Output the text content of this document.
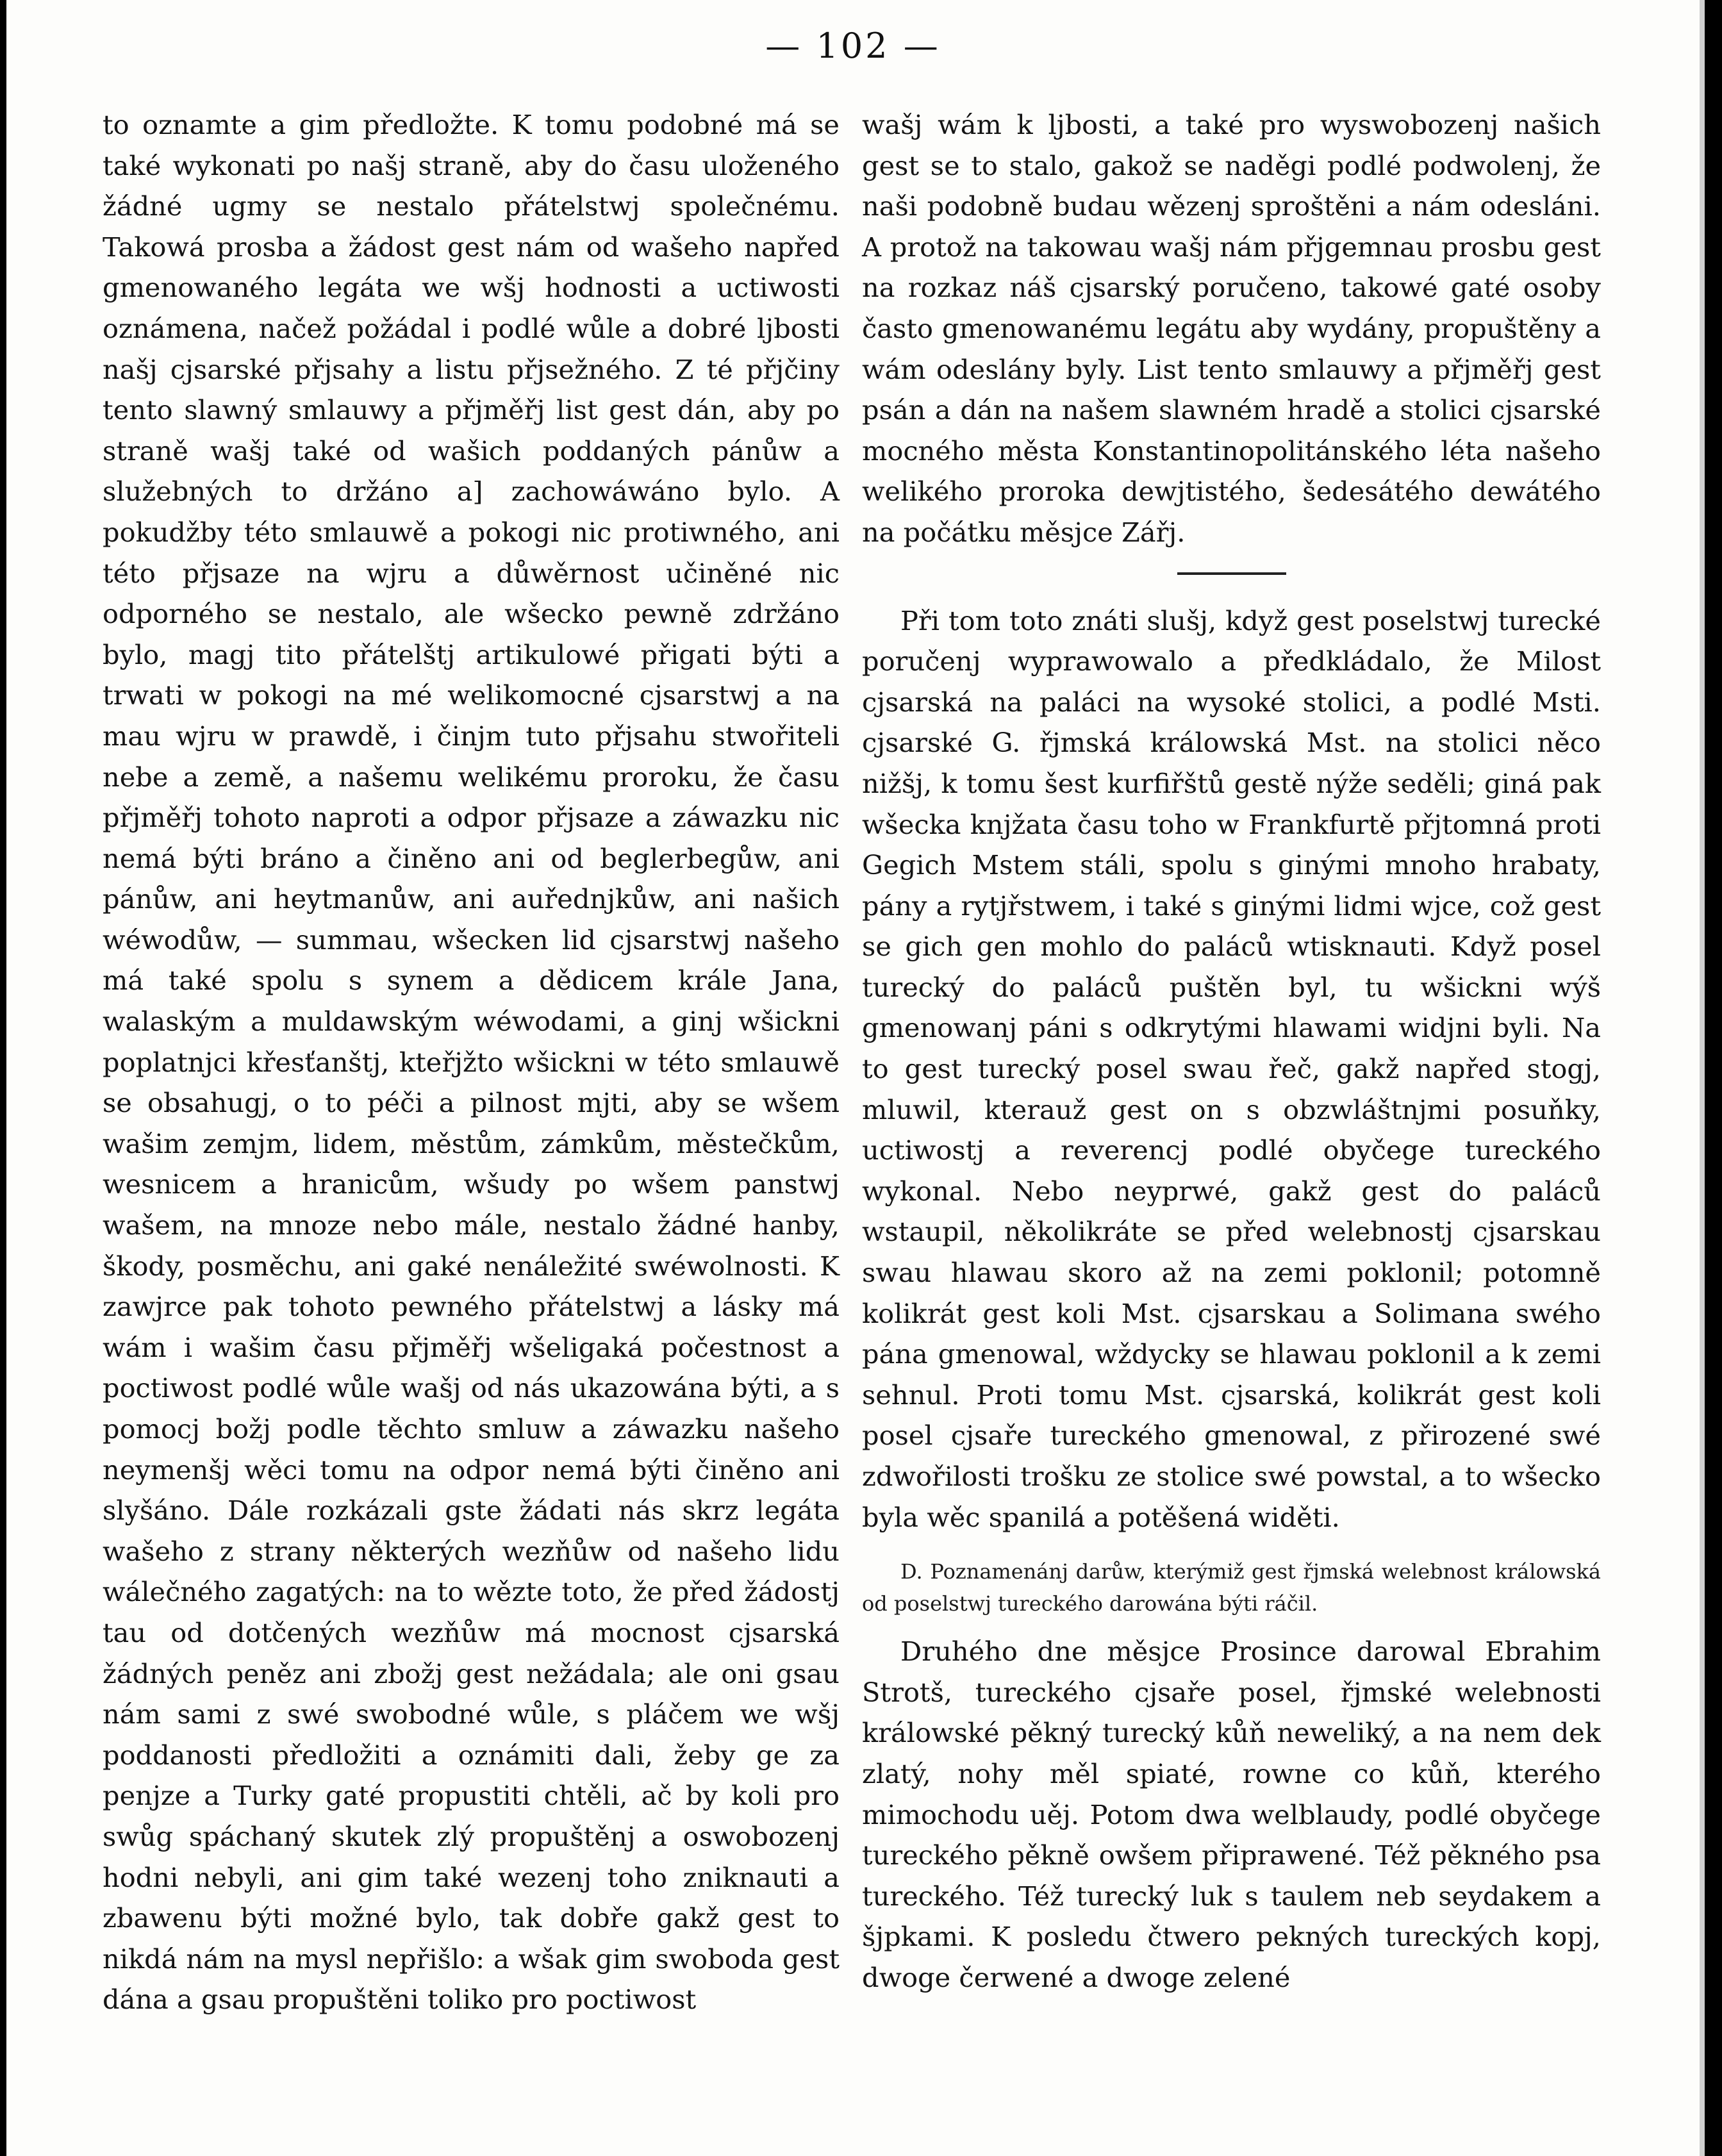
— 102 —

to oznamte a gim předložte. K tomu podobné má se také wykonati po našj straně, aby do času uloženého žádné ugmy se nestalo přátelstwj společnému. Takowá prosba a žádost gest nám od wašeho napřed gmenowaného legáta we wšj hodnosti a uctiwosti oznámena, načež požádal i podlé wůle a dobré ljbosti našj cjsarské přjsahy a listu přjsežného. Z té přjčiny tento slawný smlauwy a přjměřj list gest dán, aby po straně wašj také od wašich poddaných pánůw a služebných to držáno a] zachowáwáno bylo. A pokudžby této smlauwě a pokogi nic protiwného, ani této přjsaze na wjru a důwěrnost učiněné nic odporného se nestalo, ale wšecko pewně zdržáno bylo, magj tito přátelštj artikulowé přigati býti a trwati w pokogi na mé welikomocné cjsarstwj a na mau wjru w prawdě, i činjm tuto přjsahu stwořiteli nebe a země, a našemu welikému proroku, že času přjměřj tohoto naproti a odpor přjsaze a záwazku nic nemá býti bráno a činěno ani od beglerbegůw, ani pánůw, ani heytmanůw, ani auřednjkůw, ani našich wéwodůw, — summau, wšecken lid cjsarstwj našeho má také spolu s synem a dědicem krále Jana, walaským a muldawským wéwodami, a ginj wšickni poplatnjci křesťanštj, kteřjžto wšickni w této smlauwě se obsahugj, o to péči a pilnost mjti, aby se wšem wašim zemjm, lidem, městům, zámkům, městečkům, wesnicem a hranicům, wšudy po wšem panstwj wašem, na mnoze nebo mále, nestalo žádné hanby, škody, posměchu, ani gaké nenáležité swéwolnosti. K zawjrce pak tohoto pewného přátelstwj a lásky má wám i wašim času přjměřj wšeligaká počestnost a poctiwost podlé wůle wašj od nás ukazowána býti, a s pomocj božj podle těchto smluw a záwazku našeho neymenšj wěci tomu na odpor nemá býti činěno ani slyšáno. Dále rozkázali gste žádati nás skrz legáta wašeho z strany některých wezňůw od našeho lidu wálečného zagatých: na to wězte toto, že před žádostj tau od dotčených wezňůw má mocnost cjsarská žádných peněz ani zbožj gest nežádala; ale oni gsau nám sami z swé swobodné wůle, s pláčem we wšj poddanosti předložiti a oznámiti dali, žeby ge za penjze a Turky gaté propustiti chtěli, ač by koli pro swůg spáchaný skutek zlý propuštěnj a oswobozenj hodni nebyli, ani gim také wezenj toho zniknauti a zbawenu býti možné bylo, tak dobře gakž gest to nikdá nám na mysl nepřišlo: a wšak gim swoboda gest dána a gsau propuštěni toliko pro poctiwost

wašj wám k ljbosti, a také pro wyswobozenj našich gest se to stalo, gakož se naděgi podlé podwolenj, že naši podobně budau wězenj sproštěni a nám odesláni. A protož na takowau wašj nám přjgemnau prosbu gest na rozkaz náš cjsarský poručeno, takowé gaté osoby často gmenowanému legátu aby wydány, propuštěny a wám odeslány byly. List tento smlauwy a přjměřj gest psán a dán na našem slawném hradě a stolici cjsarské mocného města Konstantinopolitánského léta našeho welikého proroka dewjtistého, šedesátého dewátého na počátku měsjce Zářj.

Při tom toto znáti slušj, když gest poselstwj turecké poručenj wyprawowalo a předkládalo, že Milost cjsarská na paláci na wysoké stolici, a podlé Msti. cjsarské G. řjmská králowská Mst. na stolici něco nižšj, k tomu šest kurfiřštů gestě nýže seděli; giná pak wšecka knjžata času toho w Frankfurtě přjtomná proti Gegich Mstem stáli, spolu s ginými mnoho hrabaty, pány a rytjřstwem, i také s ginými lidmi wjce, což gest se gich gen mohlo do paláců wtisknauti. Když posel turecký do paláců puštěn byl, tu wšickni wýš gmenowanj páni s odkrytými hlawami widjni byli. Na to gest turecký posel swau řeč, gakž napřed stogj, mluwil, kterauž gest on s obzwláštnjmi posuňky, uctiwostj a reverencj podlé obyčege tureckého wykonal. Nebo neyprwé, gakž gest do paláců wstaupil, několikráte se před welebnostj cjsarskau swau hlawau skoro až na zemi poklonil; potomně kolikrát gest koli Mst. cjsarskau a Solimana swého pána gmenowal, wždycky se hlawau poklonil a k zemi sehnul. Proti tomu Mst. cjsarská, kolikrát gest koli posel cjsaře tureckého gmenowal, z přirozené swé zdwořilosti trošku ze stolice swé powstal, a to wšecko byla wěc spanilá a potěšená widěti.

D. Poznamenánj darůw, kterýmiž gest řjmská welebnost králowská od poselstwj tureckého darowána býti ráčil.

Druhého dne měsjce Prosince darowal Ebrahim Strotš, tureckého cjsaře posel, řjmské welebnosti králowské pěkný turecký kůň neweliký, a na nem dek zlatý, nohy měl spiaté, rowne co kůň, kterého mimochodu uěj. Potom dwa welblaudy, podlé obyčege tureckého pěkně owšem připrawené. Též pěkného psa tureckého. Též turecký luk s taulem neb seydakem a šjpkami. K posledu čtwero pekných tureckých kopj, dwoge čerwené a dwoge zelené
